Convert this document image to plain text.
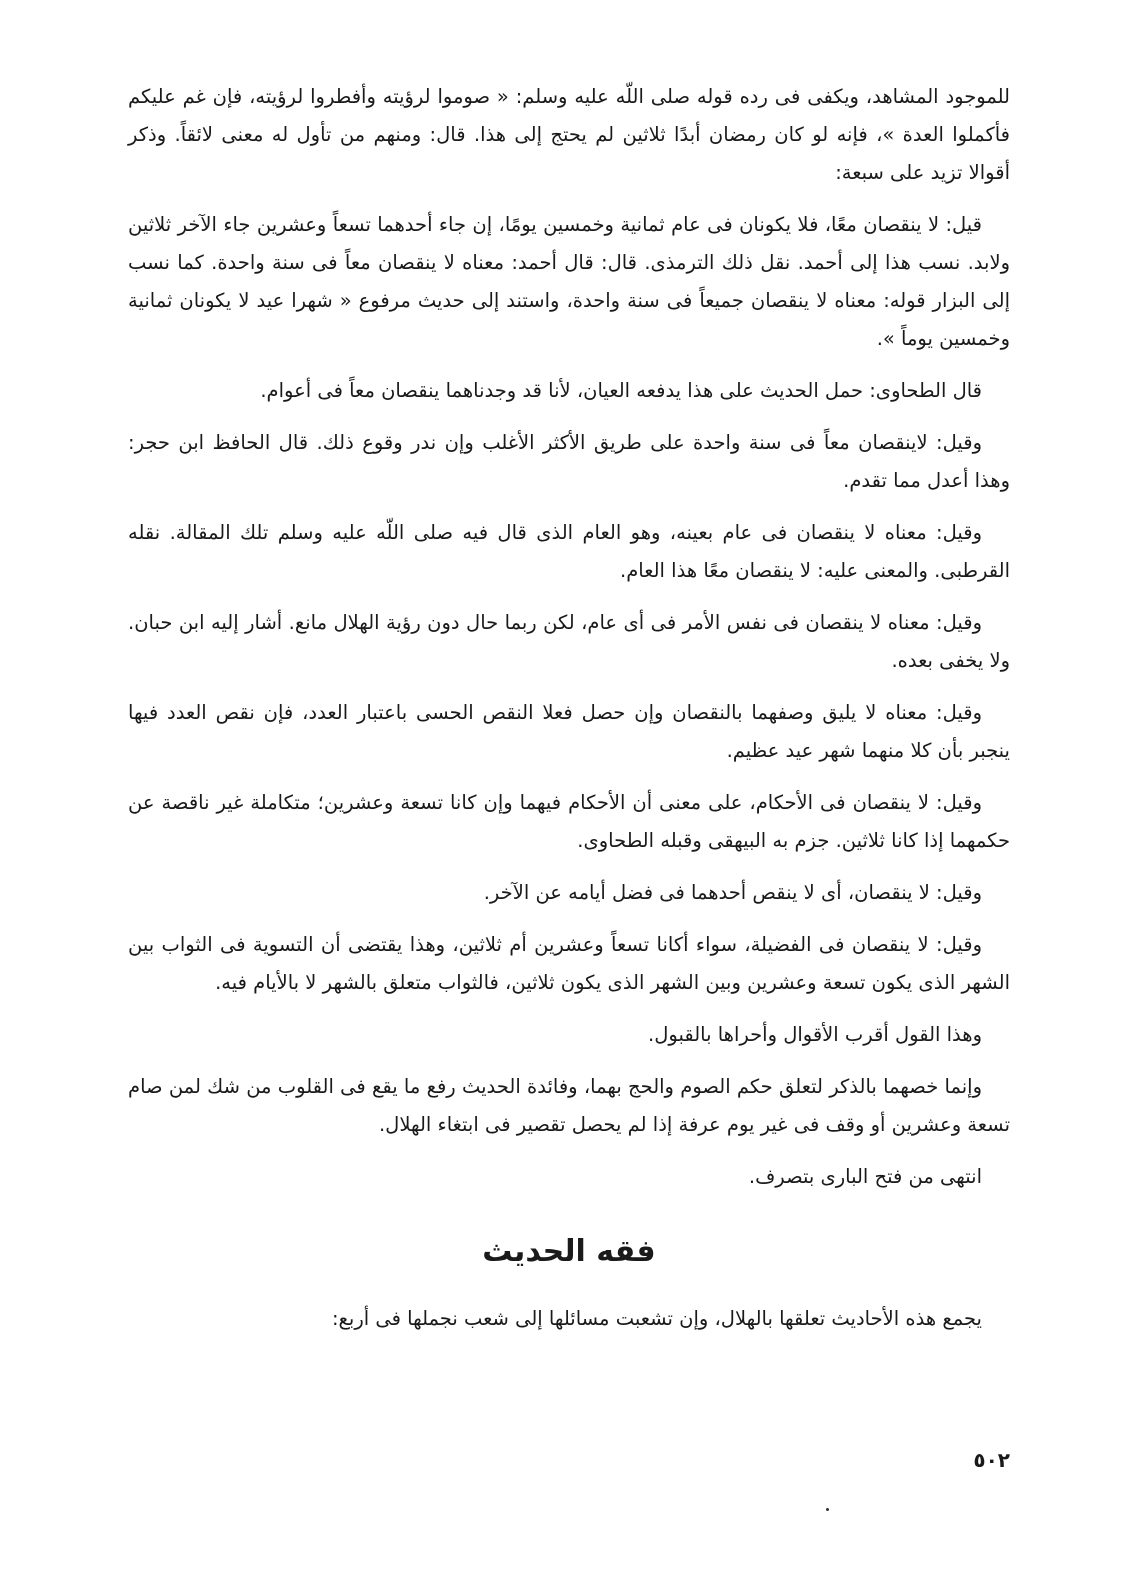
للموجود المشاهد، ويكفى فى رده قوله صلى اللّه عليه وسلم: « صوموا لرؤيته وأفطروا لرؤيته، فإن غم عليكم فأكملوا العدة »، فإنه لو كان رمضان أبدًا ثلاثين لم يحتج إلى هذا. قال: ومنهم من تأول له معنى لائقاً. وذكر أقوالا تزيد على سبعة:

قيل: لا ينقصان معًا، فلا يكونان فى عام ثمانية وخمسين يومًا، إن جاء أحدهما تسعاً وعشرين جاء الآخر ثلاثين ولابد. نسب هذا إلى أحمد. نقل ذلك الترمذى. قال: قال أحمد: معناه لا ينقصان معاً فى سنة واحدة. كما نسب إلى البزار قوله: معناه لا ينقصان جميعاً فى سنة واحدة، واستند إلى حديث مرفوع « شهرا عيد لا يكونان ثمانية وخمسين يوماً ».

قال الطحاوى: حمل الحديث على هذا يدفعه العيان، لأنا قد وجدناهما ينقصان معاً فى أعوام.

وقيل: لاينقصان معاً فى سنة واحدة على طريق الأكثر الأغلب وإن ندر وقوع ذلك. قال الحافظ ابن حجر: وهذا أعدل مما تقدم.

وقيل: معناه لا ينقصان فى عام بعينه، وهو العام الذى قال فيه صلى اللّه عليه وسلم تلك المقالة. نقله القرطبى. والمعنى عليه: لا ينقصان معًا هذا العام.

وقيل: معناه لا ينقصان فى نفس الأمر فى أى عام، لكن ربما حال دون رؤية الهلال مانع. أشار إليه ابن حبان. ولا يخفى بعده.

وقيل: معناه لا يليق وصفهما بالنقصان وإن حصل فعلا النقص الحسى باعتبار العدد، فإن نقص العدد فيها ينجبر بأن كلا منهما شهر عيد عظيم.

وقيل: لا ينقصان فى الأحكام، على معنى أن الأحكام فيهما وإن كانا تسعة وعشرين؛ متكاملة غير ناقصة عن حكمهما إذا كانا ثلاثين. جزم به البيهقى وقبله الطحاوى.

وقيل: لا ينقصان، أى لا ينقص أحدهما فى فضل أيامه عن الآخر.

وقيل: لا ينقصان فى الفضيلة، سواء أكانا تسعاً وعشرين أم ثلاثين، وهذا يقتضى أن التسوية فى الثواب بين الشهر الذى يكون تسعة وعشرين وبين الشهر الذى يكون ثلاثين، فالثواب متعلق بالشهر لا بالأيام فيه.

وهذا القول أقرب الأقوال وأحراها بالقبول.

وإنما خصهما بالذكر لتعلق حكم الصوم والحج بهما، وفائدة الحديث رفع ما يقع فى القلوب من شك لمن صام تسعة وعشرين أو وقف فى غير يوم عرفة إذا لم يحصل تقصير فى ابتغاء الهلال.

انتهى من فتح البارى بتصرف.

فقه الحديث

يجمع هذه الأحاديث تعلقها بالهلال، وإن تشعبت مسائلها إلى شعب نجملها فى أربع:

٥٠٢
